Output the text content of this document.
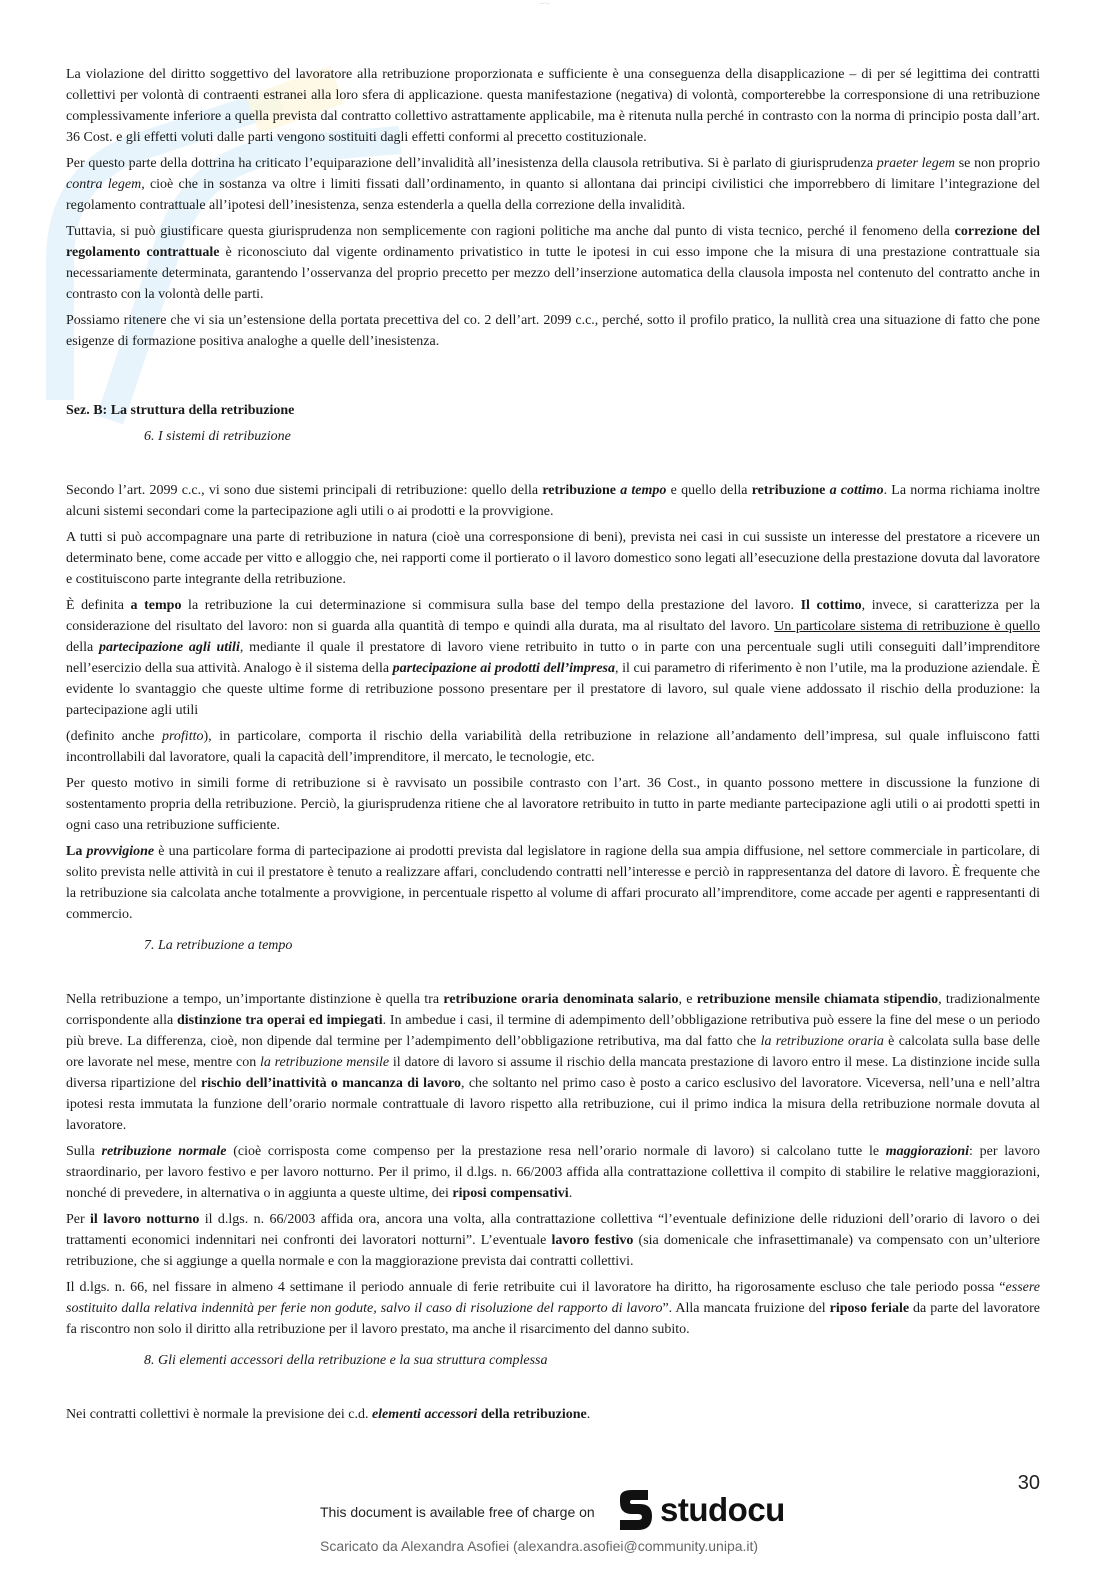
—·—

La violazione del diritto soggettivo del lavoratore alla retribuzione proporzionata e sufficiente è una conseguenza della disapplicazione – di per sé legittima dei contratti collettivi per volontà di contraenti estranei alla loro sfera di applicazione. questa manifestazione (negativa) di volontà, comporterebbe la corresponsione di una retribuzione complessivamente inferiore a quella prevista dal contratto collettivo astrattamente applicabile, ma è ritenuta nulla perché in contrasto con la norma di principio posta dall’art. 36 Cost. e gli effetti voluti dalle parti vengono sostituiti dagli effetti conformi al precetto costituzionale.

Per questo parte della dottrina ha criticato l’equiparazione dell’invalidità all’inesistenza della clausola retributiva. Si è parlato di giurisprudenza praeter legem se non proprio contra legem, cioè che in sostanza va oltre i limiti fissati dall’ordinamento, in quanto si allontana dai principi civilistici che imporrebbero di limitare l’integrazione del regolamento contrattuale all’ipotesi dell’inesistenza, senza estenderla a quella della correzione della invalidità.

Tuttavia, si può giustificare questa giurisprudenza non semplicemente con ragioni politiche ma anche dal punto di vista tecnico, perché il fenomeno della correzione del regolamento contrattuale è riconosciuto dal vigente ordinamento privatistico in tutte le ipotesi in cui esso impone che la misura di una prestazione contrattuale sia necessariamente determinata, garantendo l’osservanza del proprio precetto per mezzo dell’inserzione automatica della clausola imposta nel contenuto del contratto anche in contrasto con la volontà delle parti.

Possiamo ritenere che vi sia un’estensione della portata precettiva del co. 2 dell’art. 2099 c.c., perché, sotto il profilo pratico, la nullità crea una situazione di fatto che pone esigenze di formazione positiva analoghe a quelle dell’inesistenza.

Sez. B: La struttura della retribuzione

6. I sistemi di retribuzione

Secondo l’art. 2099 c.c., vi sono due sistemi principali di retribuzione: quello della retribuzione a tempo e quello della retribuzione a cottimo. La norma richiama inoltre alcuni sistemi secondari come la partecipazione agli utili o ai prodotti e la provvigione.

A tutti si può accompagnare una parte di retribuzione in natura (cioè una corresponsione di beni), prevista nei casi in cui sussiste un interesse del prestatore a ricevere un determinato bene, come accade per vitto e alloggio che, nei rapporti come il portierato o il lavoro domestico sono legati all’esecuzione della prestazione dovuta dal lavoratore e costituiscono parte integrante della retribuzione.

È definita a tempo la retribuzione la cui determinazione si commisura sulla base del tempo della prestazione del lavoro. Il cottimo, invece, si caratterizza per la considerazione del risultato del lavoro: non si guarda alla quantità di tempo e quindi alla durata, ma al risultato del lavoro. Un particolare sistema di retribuzione è quello della partecipazione agli utili, mediante il quale il prestatore di lavoro viene retribuito in tutto o in parte con una percentuale sugli utili conseguiti dall’imprenditore nell’esercizio della sua attività. Analogo è il sistema della partecipazione ai prodotti dell’impresa, il cui parametro di riferimento è non l’utile, ma la produzione aziendale. È evidente lo svantaggio che queste ultime forme di retribuzione possono presentare per il prestatore di lavoro, sul quale viene addossato il rischio della produzione: la partecipazione agli utili

(definito anche profitto), in particolare, comporta il rischio della variabilità della retribuzione in relazione all’andamento dell’impresa, sul quale influiscono fatti incontrollabili dal lavoratore, quali la capacità dell’imprenditore, il mercato, le tecnologie, etc.

Per questo motivo in simili forme di retribuzione si è ravvisato un possibile contrasto con l’art. 36 Cost., in quanto possono mettere in discussione la funzione di sostentamento propria della retribuzione. Perciò, la giurisprudenza ritiene che al lavoratore retribuito in tutto in parte mediante partecipazione agli utili o ai prodotti spetti in ogni caso una retribuzione sufficiente.

La provvigione è una particolare forma di partecipazione ai prodotti prevista dal legislatore in ragione della sua ampia diffusione, nel settore commerciale in particolare, di solito prevista nelle attività in cui il prestatore è tenuto a realizzare affari, concludendo contratti nell’interesse e perciò in rappresentanza del datore di lavoro. È frequente che la retribuzione sia calcolata anche totalmente a provvigione, in percentuale rispetto al volume di affari procurato all’imprenditore, come accade per agenti e rappresentanti di commercio.

7. La retribuzione a tempo

Nella retribuzione a tempo, un’importante distinzione è quella tra retribuzione oraria denominata salario, e retribuzione mensile chiamata stipendio, tradizionalmente corrispondente alla distinzione tra operai ed impiegati. In ambedue i casi, il termine di adempimento dell’obbligazione retributiva può essere la fine del mese o un periodo più breve. La differenza, cioè, non dipende dal termine per l’adempimento dell’obbligazione retributiva, ma dal fatto che la retribuzione oraria è calcolata sulla base delle ore lavorate nel mese, mentre con la retribuzione mensile il datore di lavoro si assume il rischio della mancata prestazione di lavoro entro il mese. La distinzione incide sulla diversa ripartizione del rischio dell’inattività o mancanza di lavoro, che soltanto nel primo caso è posto a carico esclusivo del lavoratore. Viceversa, nell’una e nell’altra ipotesi resta immutata la funzione dell’orario normale contrattuale di lavoro rispetto alla retribuzione, cui il primo indica la misura della retribuzione normale dovuta al lavoratore.

Sulla retribuzione normale (cioè corrisposta come compenso per la prestazione resa nell’orario normale di lavoro) si calcolano tutte le maggiorazioni: per lavoro straordinario, per lavoro festivo e per lavoro notturno. Per il primo, il d.lgs. n. 66/2003 affida alla contrattazione collettiva il compito di stabilire le relative maggiorazioni, nonché di prevedere, in alternativa o in aggiunta a queste ultime, dei riposi compensativi.

Per il lavoro notturno il d.lgs. n. 66/2003 affida ora, ancora una volta, alla contrattazione collettiva “l’eventuale definizione delle riduzioni dell’orario di lavoro o dei trattamenti economici indennitari nei confronti dei lavoratori notturni”. L’eventuale lavoro festivo (sia domenicale che infrasettimanale) va compensato con un’ulteriore retribuzione, che si aggiunge a quella normale e con la maggiorazione prevista dai contratti collettivi.

Il d.lgs. n. 66, nel fissare in almeno 4 settimane il periodo annuale di ferie retribuite cui il lavoratore ha diritto, ha rigorosamente escluso che tale periodo possa “essere sostituito dalla relativa indennità per ferie non godute, salvo il caso di risoluzione del rapporto di lavoro”. Alla mancata fruizione del riposo feriale da parte del lavoratore fa riscontro non solo il diritto alla retribuzione per il lavoro prestato, ma anche il risarcimento del danno subito.

8. Gli elementi accessori della retribuzione e la sua struttura complessa

Nei contratti collettivi è normale la previsione dei c.d. elementi accessori della retribuzione.

30
This document is available free of charge on studocu
Scaricato da Alexandra Asofiei (alexandra.asofiei@community.unipa.it)
